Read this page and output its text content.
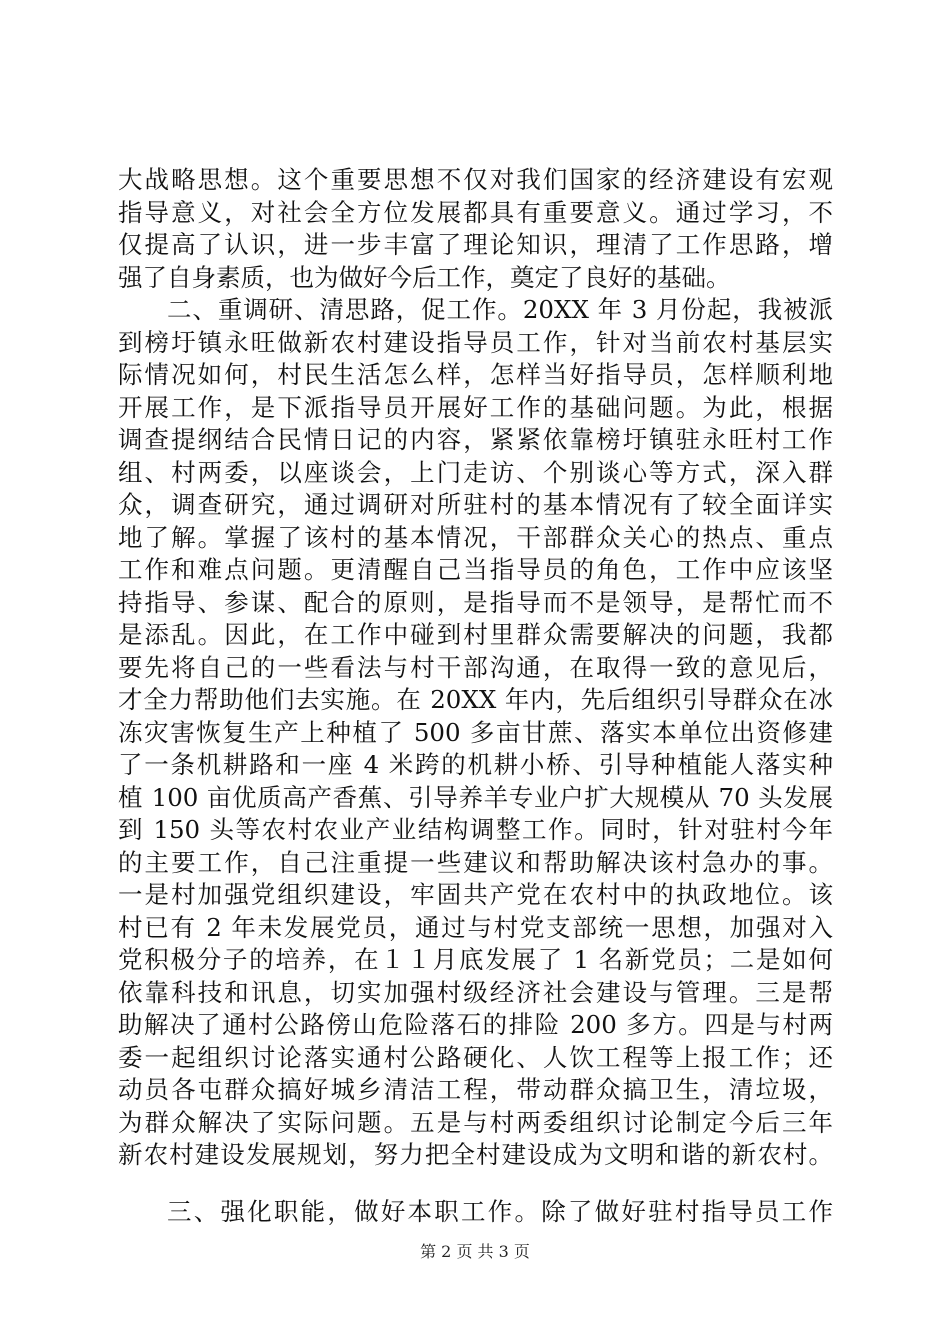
大战略思想。这个重要思想不仅对我们国家的经济建设有宏观
指导意义，对社会全方位发展都具有重要意义。通过学习，不
仅提高了认识，进一步丰富了理论知识，理清了工作思路，增
强了自身素质，也为做好今后工作，奠定了良好的基础。
二、重调研、清思路，促工作。20XX 年 3 月份起，我被派
到榜圩镇永旺做新农村建设指导员工作，针对当前农村基层实
际情况如何，村民生活怎么样，怎样当好指导员，怎样顺利地
开展工作，是下派指导员开展好工作的基础问题。为此，根据
调查提纲结合民情日记的内容，紧紧依靠榜圩镇驻永旺村工作
组、村两委，以座谈会，上门走访、个别谈心等方式，深入群
众，调查研究，通过调研对所驻村的基本情况有了较全面详实
地了解。掌握了该村的基本情况，干部群众关心的热点、重点
工作和难点问题。更清醒自己当指导员的角色，工作中应该坚
持指导、参谋、配合的原则，是指导而不是领导，是帮忙而不
是添乱。因此，在工作中碰到村里群众需要解决的问题，我都
要先将自己的一些看法与村干部沟通，在取得一致的意见后，
才全力帮助他们去实施。在 20XX 年内，先后组织引导群众在冰
冻灾害恢复生产上种植了 500 多亩甘蔗、落实本单位出资修建
了一条机耕路和一座 4 米跨的机耕小桥、引导种植能人落实种
植 100 亩优质高产香蕉、引导养羊专业户扩大规模从 70 头发展
到 150 头等农村农业产业结构调整工作。同时，针对驻村今年
的主要工作，自己注重提一些建议和帮助解决该村急办的事。
一是村加强党组织建设，牢固共产党在农村中的执政地位。该
村已有 2 年未发展党员，通过与村党支部统一思想，加强对入
党积极分子的培养，在１１月底发展了 1 名新党员；二是如何
依靠科技和讯息，切实加强村级经济社会建设与管理。三是帮
助解决了通村公路傍山危险落石的排险 200 多方。四是与村两
委一起组织讨论落实通村公路硬化、人饮工程等上报工作；还
动员各屯群众搞好城乡清洁工程，带动群众搞卫生，清垃圾，
为群众解决了实际问题。五是与村两委组织讨论制定今后三年
新农村建设发展规划，努力把全村建设成为文明和谐的新农村。
三、强化职能，做好本职工作。除了做好驻村指导员工作
第 2 页 共 3 页
